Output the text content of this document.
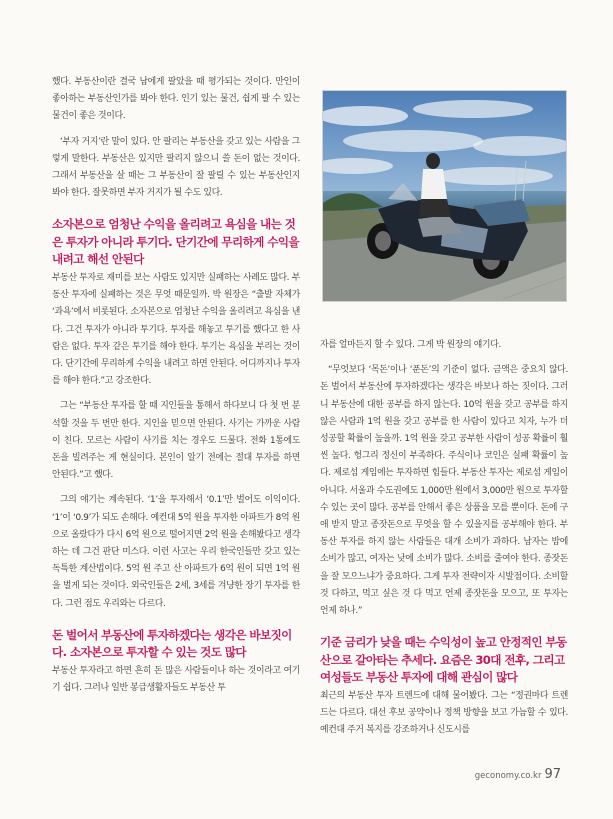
했다. 부동산이란 결국 남에게 팔았을 때 평가되는 것이다. 만인이 좋아하는 부동산인가를 봐야 한다. 인기 있는 물건, 쉽게 팔 수 있는 물건이 좋은 것이다.

‘부자 거지’란 말이 있다. 안 팔리는 부동산을 갖고 있는 사람을 그렇게 말한다. 부동산은 있지만 팔리지 않으니 쓸 돈이 없는 것이다. 그래서 부동산을 살 때는 그 부동산이 잘 팔릴 수 있는 부동산인지 봐야 한다. 잘못하면 부자 거지가 될 수도 있다.

소자본으로 엄청난 수익을 올리려고 욕심을 내는 것은 투자가 아니라 투기다. 단기간에 무리하게 수익을 내려고 해선 안된다

부동산 투자로 재미를 보는 사람도 있지만 실패하는 사례도 많다. 부동산 투자에 실패하는 것은 무엇 때문일까. 박 원장은 “출발 자체가 ‘과욕’에서 비롯된다. 소자본으로 엄청난 수익을 올리려고 욕심을 낸다. 그건 투자가 아니라 투기다. 투자를 해놓고 투기를 했다고 한 사람은 없다. 투자 같은 투기를 해야 한다. 투기는 욕심을 부리는 것이다. 단기간에 무리하게 수익을 내려고 하면 안된다. 어디까지나 투자를 해야 한다.”고 강조한다.

그는 “부동산 투자를 할 때 지인들을 통해서 하다보니 다 첫 번 분석할 것을 두 번만 한다. 지인을 믿으면 안된다. 사기는 가까운 사람이 친다. 모르는 사람이 사기를 치는 경우도 드물다. 전화 1통에도 돈을 빌려주는 게 현실이다. 본인이 알기 전에는 절대 투자를 하면 안된다.”고 했다.

그의 얘기는 계속된다. ‘1’을 투자해서 ‘0.1’만 벌어도 이익이다. ‘1’이 ‘0.9’가 되도 손해다. 예컨대 5억 원을 투자한 아파트가 8억 원으로 올랐다가 다시 6억 원으로 떨어지면 2억 원을 손해봤다고 생각하는 데 그건 판단 미스다. 이런 사고는 우리 한국인들만 갖고 있는 독특한 계산법이다. 5억 원 주고 산 아파트가 6억 원이 되면 1억 원을 벌게 되는 것이다. 외국인들은 2세, 3세를 겨냥한 장기 투자를 한다. 그런 점도 우리와는 다르다.

돈 벌어서 부동산에 투자하겠다는 생각은 바보짓이다. 소자본으로 투자할 수 있는 것도 많다

부동산 투자라고 하면 흔히 돈 많은 사람들이나 하는 것이라고 여기기 쉽다. 그러나 일반 봉급생활자들도 부동산 투

자를 얼마든지 할 수 있다. 그게 박 원장의 얘기다.

“무엇보다 ‘목돈’이나 ‘푼돈’의 기준이 없다. 금액은 중요치 않다. 돈 벌어서 부동산에 투자하겠다는 생각은 바보나 하는 짓이다. 그러니 부동산에 대한 공부를 하지 않는다. 10억 원을 갖고 공부를 하지 않은 사람과 1억 원을 갖고 공부를 한 사람이 있다고 치자, 누가 더 성공할 확률이 높을까. 1억 원을 갖고 공부한 사람이 성공 확률이 훨씬 높다. 헝그리 정신이 부족하다. 주식이나 코인은 실패 확률이 높다. 제로섬 게임에는 투자하면 힘들다. 부동산 투자는 제로섬 게임이 아니다. 서울과 수도권에도 1,000만 원에서 3,000만 원으로 투자할 수 있는 곳이 많다. 공부를 안해서 좋은 상품을 모를 뿐이다. 돈에 구애 받지 말고 종잣돈으로 무엇을 할 수 있을지를 공부해야 한다. 부동산 투자를 하지 않는 사람들은 대개 소비가 과하다. 남자는 밤에 소비가 많고, 여자는 낮에 소비가 많다. 소비를 줄여야 한다. 종잣돈을 잘 모으느냐가 중요하다. 그게 투자 전략이자 시발점이다. 소비할 것 다하고, 먹고 싶은 것 다 먹고 언제 종잣돈을 모으고, 또 투자는 언제 하나.”

기준 금리가 낮을 때는 수익성이 높고 안정적인 부동산으로 갈아타는 추세다. 요즘은 30대 전후, 그리고 여성들도 부동산 투자에 대해 관심이 많다

최근의 부동산 투자 트렌드에 대해 물어봤다. 그는 “정권마다 트렌드는 다르다. 대선 후보 공약이나 정책 방향을 보고 가늠할 수 있다. 예컨대 주거 복지를 강조하거나 신도시를

geconomy.co.kr 97
